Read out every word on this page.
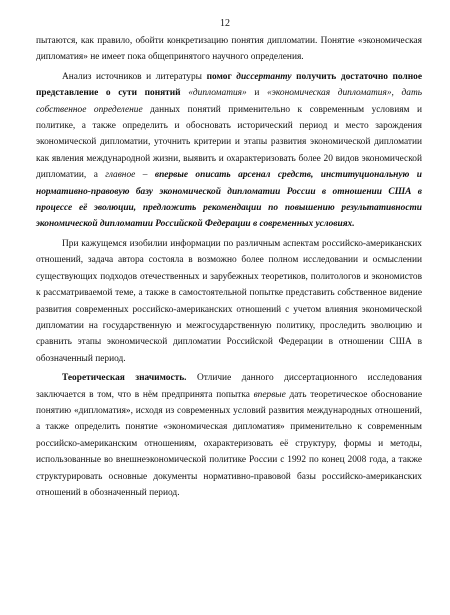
12

пытаются, как правило, обойти конкретизацию понятия дипломатии. Понятие «экономическая дипломатия» не имеет пока общепринятого научного определения.

Анализ источников и литературы помог диссертанту получить достаточно полное представление о сути понятий «дипломатия» и «экономическая дипломатия», дать собственное определение данных понятий применительно к современным условиям и политике, а также определить и обосновать исторический период и место зарождения экономической дипломатии, уточнить критерии и этапы развития экономической дипломатии как явления международной жизни, выявить и охарактеризовать более 20 видов экономической дипломатии, а главное – впервые описать арсенал средств, институциональную и нормативно-правовую базу экономической дипломатии России в отношении США в процессе её эволюции, предложить рекомендации по повышению результативности экономической дипломатии Российской Федерации в современных условиях.

При кажущемся изобилии информации по различным аспектам российско-американских отношений, задача автора состояла в возможно более полном исследовании и осмыслении существующих подходов отечественных и зарубежных теоретиков, политологов и экономистов к рассматриваемой теме, а также в самостоятельной попытке представить собственное видение развития современных российско-американских отношений с учетом влияния экономической дипломатии на государственную и межгосударственную политику, проследить эволюцию и сравнить этапы экономической дипломатии Российской Федерации в отношении США в обозначенный период.

Теоретическая значимость. Отличие данного диссертационного исследования заключается в том, что в нём предпринята попытка впервые дать теоретическое обоснование понятию «дипломатия», исходя из современных условий развития международных отношений, а также определить понятие «экономическая дипломатия» применительно к современным российско-американским отношениям, охарактеризовать её структуру, формы и методы, использованные во внешнеэкономической политике России с 1992 по конец 2008 года, а также структурировать основные документы нормативно-правовой базы российско-американских отношений в обозначенный период.

dsLib.net
библиотека диссертаций
